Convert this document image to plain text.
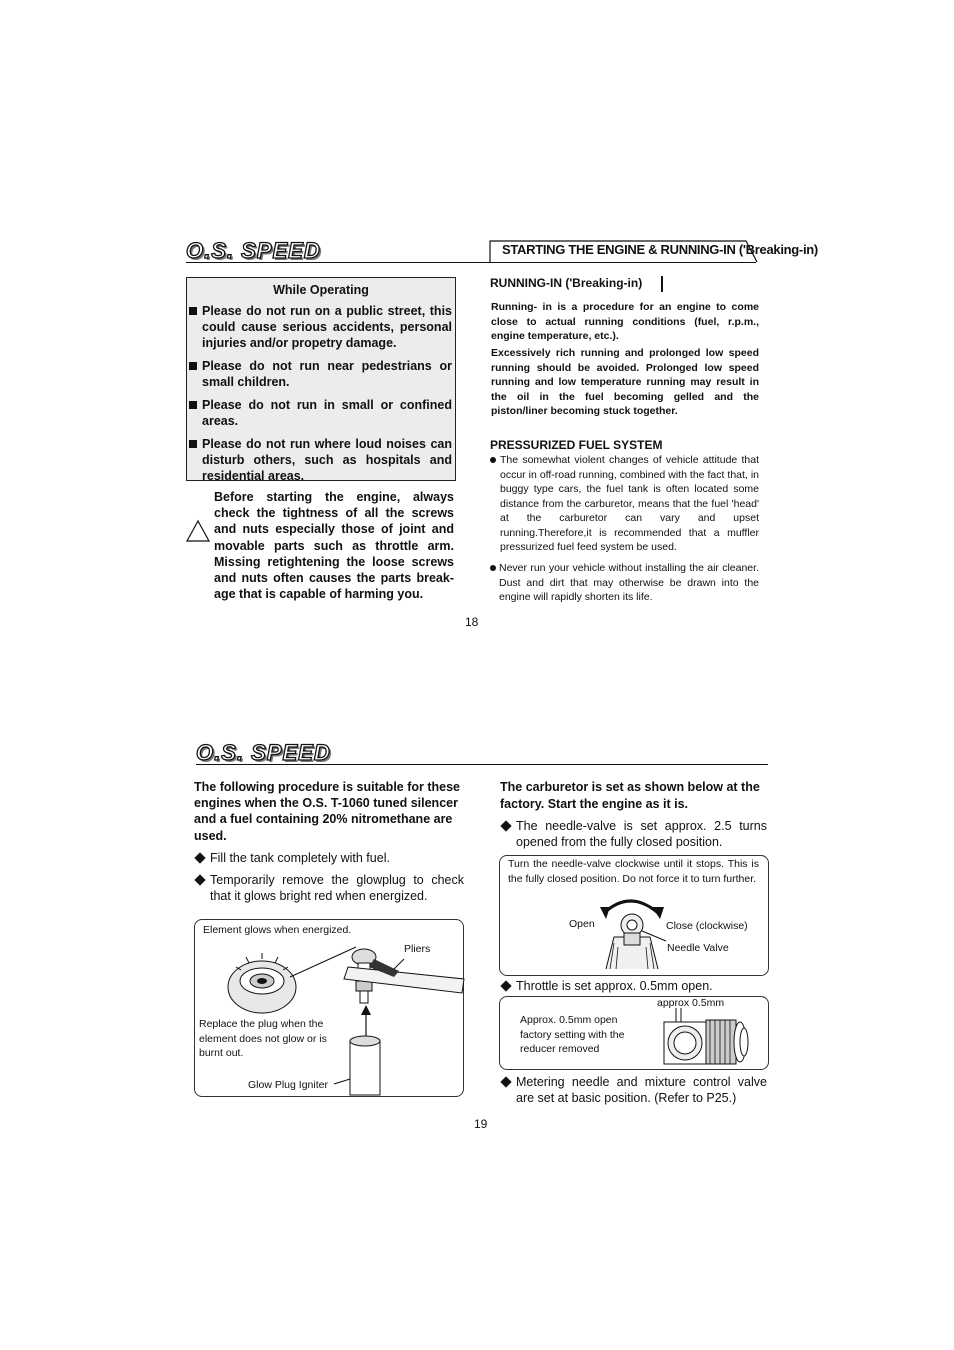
O.S. SPEED	STARTING THE ENGINE & RUNNING-IN ('Breaking-in)
While Operating
Please do not run on a public street, this could cause serious accidents, personal injuries and/or propetry damage.
Please do not run near pedestrians or small children.
Please do not run in small or confined areas.
Please do not run where loud noises can disturb others, such as hospitals and residential areas.
Before starting the engine, always check the tightness of all the screws and nuts especially those of joint and movable parts such as throttle arm. Missing retightening the loose screws and nuts often causes the parts break-age that is capable of harming you.
RUNNING-IN ('Breaking-in)
Running- in is a procedure for an engine to come close to actual running conditions (fuel, r.p.m., engine temperature, etc.).
Excessively rich running and prolonged low speed running should be avoided. Prolonged low speed running and low temperature running may result in the oil in the fuel becoming gelled and the piston/liner becoming stuck together.
PRESSURIZED FUEL SYSTEM
The somewhat violent changes of vehicle attitude that occur in off-road running, combined with the fact that, in buggy type cars, the fuel tank is often located some distance from the carburetor, means that the fuel 'head' at the carburetor can vary and upset running.Therefore,it is recommended that a muffler pressurized fuel feed system be used.
Never run your vehicle without installing the air cleaner. Dust and dirt that may otherwise be drawn into the engine will rapidly shorten its life.
18
O.S. SPEED
The following procedure is suitable for these engines when the O.S. T-1060 tuned silencer and a fuel containing 20% nitromethane are used.
Fill the tank completely with fuel.
Temporarily remove the glowplug to check that it glows bright red when energized.
Element glows when energized.
Pliers
Replace the plug when the element does not glow or is burnt out.
Glow Plug Igniter
The carburetor is set as shown below at the factory. Start the engine as it is.
The needle-valve is set approx. 2.5 turns opened from the fully closed position.
Turn the needle-valve clockwise until it stops. This is the fully closed position. Do not force it to turn further.
Open	Close (clockwise)
Needle Valve
Throttle is set approx. 0.5mm open.
approx 0.5mm
Approx. 0.5mm open factory setting with the reducer removed
Metering needle and mixture control valve are set at basic position. (Refer to P25.)
19
